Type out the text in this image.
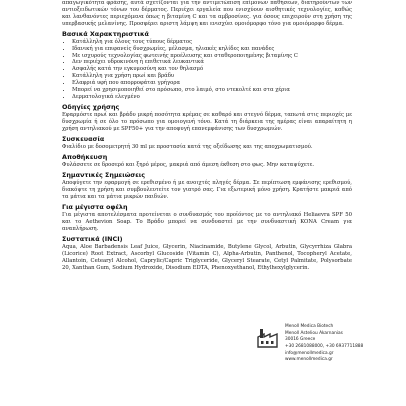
απαγωγικότητα φράσης, αυτά σχετίζονται για την αντιμετώπιση επίμονων παθήσεων, διατηρούντων των αντιοξειδωτικών τόνων του δέρματος. Περιέχει εργαλεία που ενισχύουν αισθητικές τεχνολογίες, καθώς και λανθανόντες περιεχόμενα όπως η βιταμίνη C και τα αμβροσίνες. για όσους επιχειρούν στη χρήση της υπερβασικής μελανίνης. Προσφέρει αριστη λάμψη και ενισχύει ομοιόμορφο τόνο για ομοιόμορφο δέρμα.

Βασικά Χαρακτηριστικά
• Κατάλληλη για όλους τους τύπους δέρματος
• Ιδανική για επιφανείς δυσχρωμίες, μέλασμα, ηλιακές κηλίδες και πανάδες
• Με ισχυρούς τεχνολογίας φωτεινής προέλευσης και σταθεροποιημένης βιταμίνης C
• Δεν περιέχει υδροκινόνη ή επιθετικά λευκαντικά
• Ασφαλής κατά την εγκυμοσύνη και τον θηλασμό
• Κατάλληλη για χρήση πρωί και βράδυ
• Ελαφριά υφή που απορροφάται γρήγορα
• Μπορεί να χρησιμοποιηθεί στο πρόσωπο, στο λαιμό, στο ντεκολτέ και στα χέρια
• Δερματολογικά ελεγμένο
Οδηγίες χρήσης

Εφαρμόστε πρωί και βράδυ μικρή ποσότητα κρέμας σε καθαρό και στεγνό δέρμα, ταπωτά στις περιοχές με δυσχρωμία ή σε όλο το πρόσωπο για ομοιογενή τόνο. Κατά τη διάρκεια της ημέρας είναι απαραίτητη η χρήση αντηλιακού με SPF50+ για την αποφυγή επανεμφάνισης των δυσχρωμιών.

Συσκευασία

Φιαλίδιο με δοσομετρητή 30 ml με προστασία κατά της οξείδωσης και της αποχρωματισμού.

Αποθήκευση

Φυλάσσετε σε δροσερό και ξηρό μέρος, μακριά από άμεση έκθεση στο φως. Μην καταψύχετε.

Σημαντικές Σημειώσεις

Αποφύγετε την εφαρμογή σε ερεθισμένο ή με ανοιχτές πληγές δέρμα. Σε περίπτωση εμφάνισης ερεθισμού, διακόψτε τη χρήση και συμβουλευτείτε τον γιατρό σας. Για εξωτερική μόνο χρήση. Κρατήστε μακριά από τα μάτια και τα μάτια μικρών παιδιών.

Για μέγιστα οφέλη

Για μέγιστα αποτελέσματα προτείνεται ο συνδυασμός του προϊόντος με το αντηλιακό Heliaevra SPF 50 και το Aethevion Soap. Το Βράδυ μπορεί να συνδυαστεί με την συνδυαστική KONA Cream για αναπλήρωση.

Συστατικά (INCI)

Aqua, Aloe Barbadensis Leaf Juice, Glycerin, Niacinamide, Butylene Glycol, Arbutin, Glycyrrhiza Glabra (Licorice) Root Extract, Ascorbyl Glucoside (Vitamin C), Alpha-Arbutin, Panthenol, Tocopheryl Acetate, Allantoin, Cetearyl Alcohol, Caprylic/Capric Triglyceride, Glyceryl Stearate, Cetyl Palmitate, Polysorbate 20, Xanthan Gum, Sodium Hydroxide, Disodium EDTA, Phenoxyethanol, Ethylhexylglycerin.

Menoll Medica Biotech
Menoll Asteliou Akarnanias
30016 Greece
+30 2681088000, +30 6937711888
info@menollmedica.gr
www.menollmedica.gr
